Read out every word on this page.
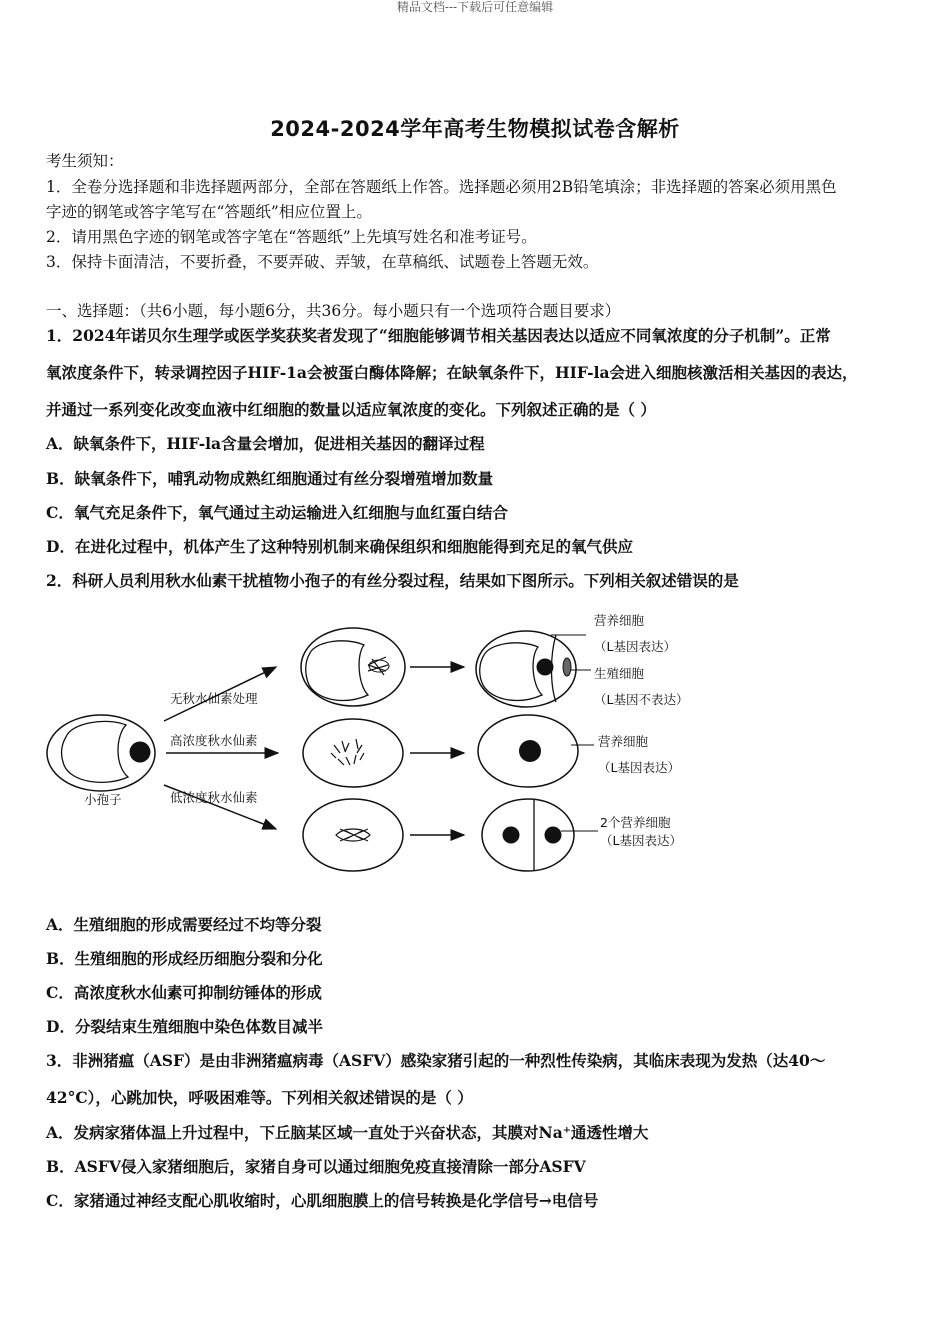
精品文档---下载后可任意编辑
2024-2024学年高考生物模拟试卷含解析
考生须知：
1．全卷分选择题和非选择题两部分，全部在答题纸上作答。选择题必须用2B铅笔填涂；非选择题的答案必须用黑色
字迹的钢笔或答字笔写在“答题纸”相应位置上。
2．请用黑色字迹的钢笔或答字笔在“答题纸”上先填写姓名和准考证号。
3．保持卡面清洁，不要折叠，不要弄破、弄皱，在草稿纸、试题卷上答题无效。
一、选择题：（共6小题，每小题6分，共36分。每小题只有一个选项符合题目要求）
1．2024年诺贝尔生理学或医学奖获奖者发现了“细胞能够调节相关基因表达以适应不同氧浓度的分子机制”。正常
氧浓度条件下，转录调控因子HIF-1a会被蛋白酶体降解；在缺氧条件下，HIF-la会进入细胞核激活相关基因的表达，
并通过一系列变化改变血液中红细胞的数量以适应氧浓度的变化。下列叙述正确的是（ ）
A．缺氧条件下，HIF-la含量会增加，促进相关基因的翻译过程
B．缺氧条件下，哺乳动物成熟红细胞通过有丝分裂增殖增加数量
C．氧气充足条件下，氧气通过主动运输进入红细胞与血红蛋白结合
D．在进化过程中，机体产生了这种特别机制来确保组织和细胞能得到充足的氧气供应
2．科研人员利用秋水仙素干扰植物小孢子的有丝分裂过程，结果如下图所示。下列相关叙述错误的是
小孢子
无秋水仙素处理
高浓度秋水仙素
低浓度秋水仙素
营养细胞
（L基因表达）
生殖细胞
（L基因不表达）
营养细胞
（L基因表达）
2个营养细胞
（L基因表达）
A．生殖细胞的形成需要经过不均等分裂
B．生殖细胞的形成经历细胞分裂和分化
C．高浓度秋水仙素可抑制纺锤体的形成
D．分裂结束生殖细胞中染色体数目减半
3．非洲猪瘟（ASF）是由非洲猪瘟病毒（ASFV）感染家猪引起的一种烈性传染病，其临床表现为发热（达40～
42°C），心跳加快，呼吸困难等。下列相关叙述错误的是（ ）
A．发病家猪体温上升过程中，下丘脑某区域一直处于兴奋状态，其膜对Na⁺通透性增大
B．ASFV侵入家猪细胞后，家猪自身可以通过细胞免疫直接清除一部分ASFV
C．家猪通过神经支配心肌收缩时，心肌细胞膜上的信号转换是化学信号→电信号
